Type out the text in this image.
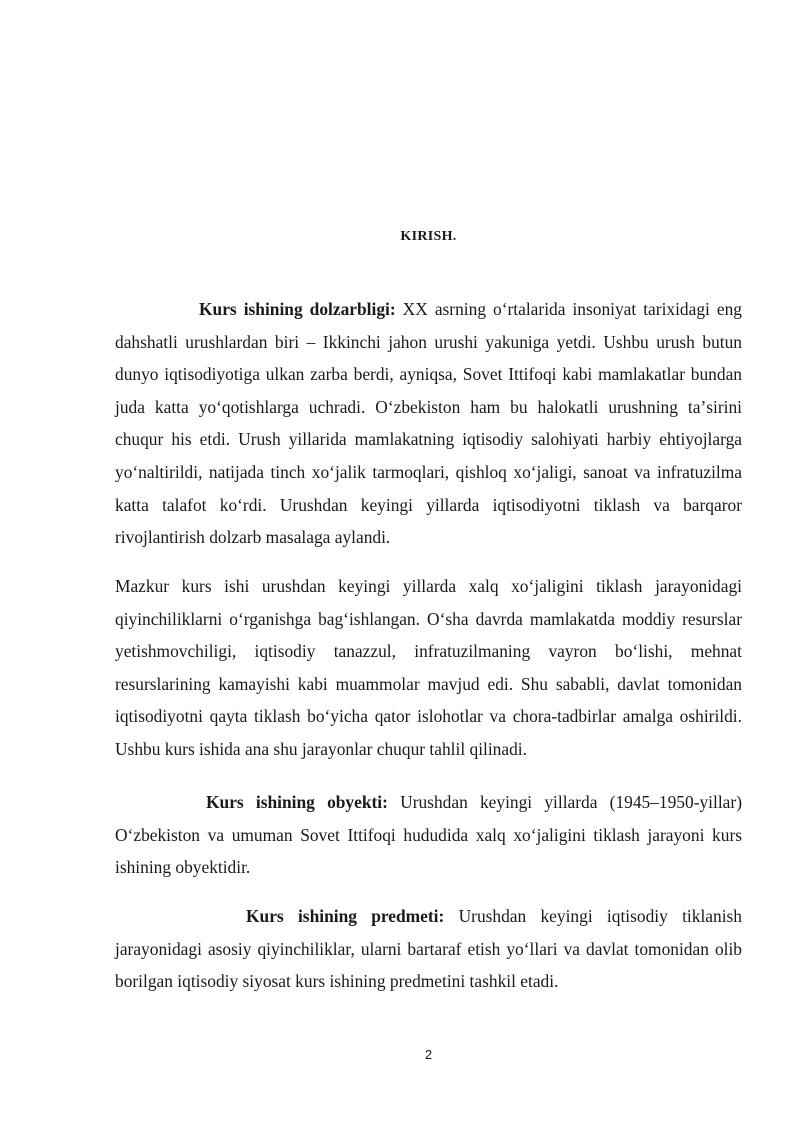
KIRISH.

Kurs ishining dolzarbligi: XX asrning oʻrtalarida insoniyat tarixidagi eng dahshatli urushlardan biri – Ikkinchi jahon urushi yakuniga yetdi. Ushbu urush butun dunyo iqtisodiyotiga ulkan zarba berdi, ayniqsa, Sovet Ittifoqi kabi mamlakatlar bundan juda katta yoʻqotishlarga uchradi. Oʻzbekiston ham bu halokatli urushning taʼsirini chuqur his etdi. Urush yillarida mamlakatning iqtisodiy salohiyati harbiy ehtiyojlarga yoʻnaltirildi, natijada tinch xoʻjalik tarmoqlari, qishloq xoʻjaligi, sanoat va infratuzilma katta talafot koʻrdi. Urushdan keyingi yillarda iqtisodiyotni tiklash va barqaror rivojlantirish dolzarb masalaga aylandi.

Mazkur kurs ishi urushdan keyingi yillarda xalq xoʻjaligini tiklash jarayonidagi qiyinchiliklarni oʻrganishga bagʻishlangan. Oʻsha davrda mamlakatda moddiy resurslar yetishmovchiligi, iqtisodiy tanazzul, infratuzilmaning vayron boʻlishi, mehnat resurslarining kamayishi kabi muammolar mavjud edi. Shu sababli, davlat tomonidan iqtisodiyotni qayta tiklash boʻyicha qator islohotlar va chora-tadbirlar amalga oshirildi. Ushbu kurs ishida ana shu jarayonlar chuqur tahlil qilinadi.

Kurs ishining obyekti: Urushdan keyingi yillarda (1945–1950-yillar) Oʻzbekiston va umuman Sovet Ittifoqi hududida xalq xoʻjaligini tiklash jarayoni kurs ishining obyektidir.

Kurs ishining predmeti: Urushdan keyingi iqtisodiy tiklanish jarayonidagi asosiy qiyinchiliklar, ularni bartaraf etish yoʻllari va davlat tomonidan olib borilgan iqtisodiy siyosat kurs ishining predmetini tashkil etadi.

2
